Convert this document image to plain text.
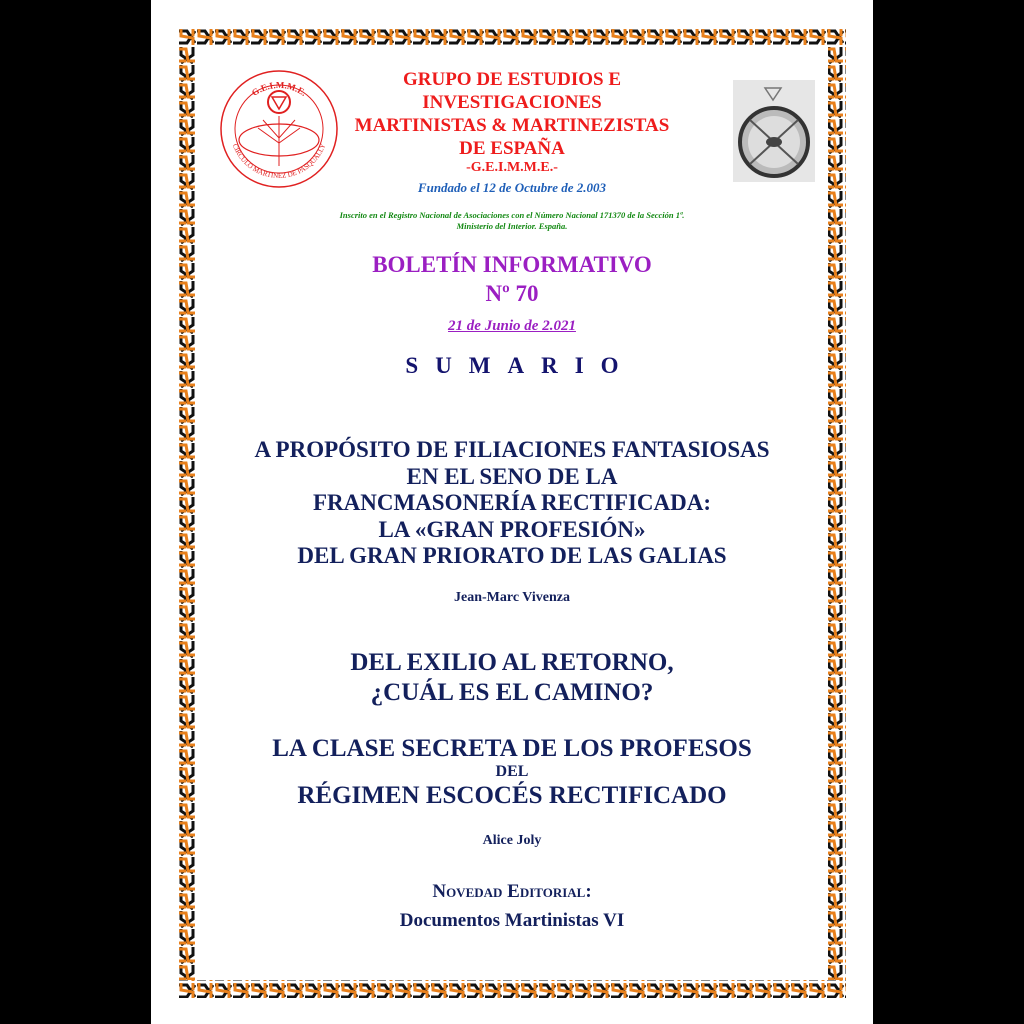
G.E.I.M.M.E.
CIRCULO MARTINEZ DE PASQUALLY
GRUPO DE ESTUDIOS E
INVESTIGACIONES
MARTINISTAS & MARTINEZISTAS
DE ESPAÑA
-G.E.I.M.M.E.-
Fundado el 12 de Octubre de 2.003
Inscrito en el Registro Nacional de Asociaciones con el Número Nacional 171370 de la Sección 1ª.
Ministerio del Interior. España.
BOLETÍN INFORMATIVO
Nº 70
21 de Junio de 2.021
SUMARIO
A PROPÓSITO DE FILIACIONES FANTASIOSAS
EN EL SENO DE LA
FRANCMASONERÍA RECTIFICADA:
LA «GRAN PROFESIÓN»
DEL GRAN PRIORATO DE LAS GALIAS
Jean-Marc Vivenza
DEL EXILIO AL RETORNO,
¿CUÁL ES EL CAMINO?
LA CLASE SECRETA DE LOS PROFESOS
DEL
RÉGIMEN ESCOCÉS RECTIFICADO
Alice Joly
Novedad Editorial:
Documentos Martinistas VI
